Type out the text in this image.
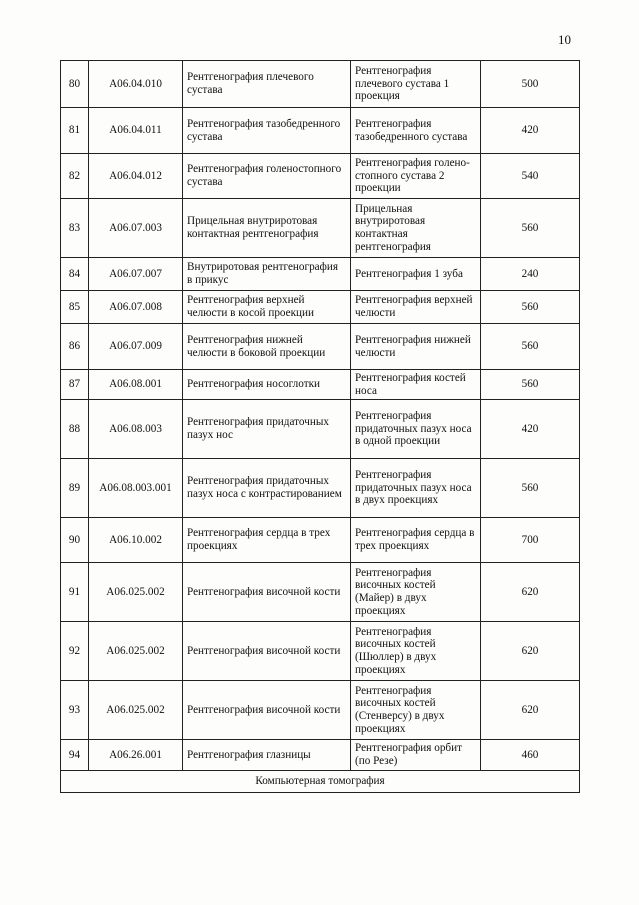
10
80	A06.04.010	Рентгенография плечевого сустава	Рентгенография плечевого сустава 1 проекция	500
81	A06.04.011	Рентгенография тазобедренного сустава	Рентгенография тазобедренного сустава	420
82	A06.04.012	Рентгенография голеностопного сустава	Рентгенография голено-стопного сустава 2 проекции	540
83	A06.07.003	Прицельная внутриротовая контактная рентгенография	Прицельная внутриротовая контактная рентгенография	560
84	A06.07.007	Внутриротовая рентгенография в прикус	Рентгенография 1 зуба	240
85	A06.07.008	Рентгенография верхней челюсти в косой проекции	Рентгенография верхней челюсти	560
86	A06.07.009	Рентгенография нижней челюсти в боковой проекции	Рентгенография нижней челюсти	560
87	A06.08.001	Рентгенография носоглотки	Рентгенография костей носа	560
88	A06.08.003	Рентгенография придаточных пазух нос	Рентгенография придаточных пазух носа в одной проекции	420
89	A06.08.003.001	Рентгенография придаточных пазух носа с контрастированием	Рентгенография придаточных пазух носа в двух проекциях	560
90	A06.10.002	Рентгенография сердца в трех проекциях	Рентгенография сердца в трех проекциях	700
91	A06.025.002	Рентгенография височной кости	Рентгенография височных костей (Майер) в двух проекциях	620
92	A06.025.002	Рентгенография височной кости	Рентгенография височных костей (Шюллер) в двух проекциях	620
93	A06.025.002	Рентгенография височной кости	Рентгенография височных костей (Стенверсу) в двух проекциях	620
94	A06.26.001	Рентгенография глазницы	Рентгенография орбит (по Резе)	460
Компьютерная томография				
